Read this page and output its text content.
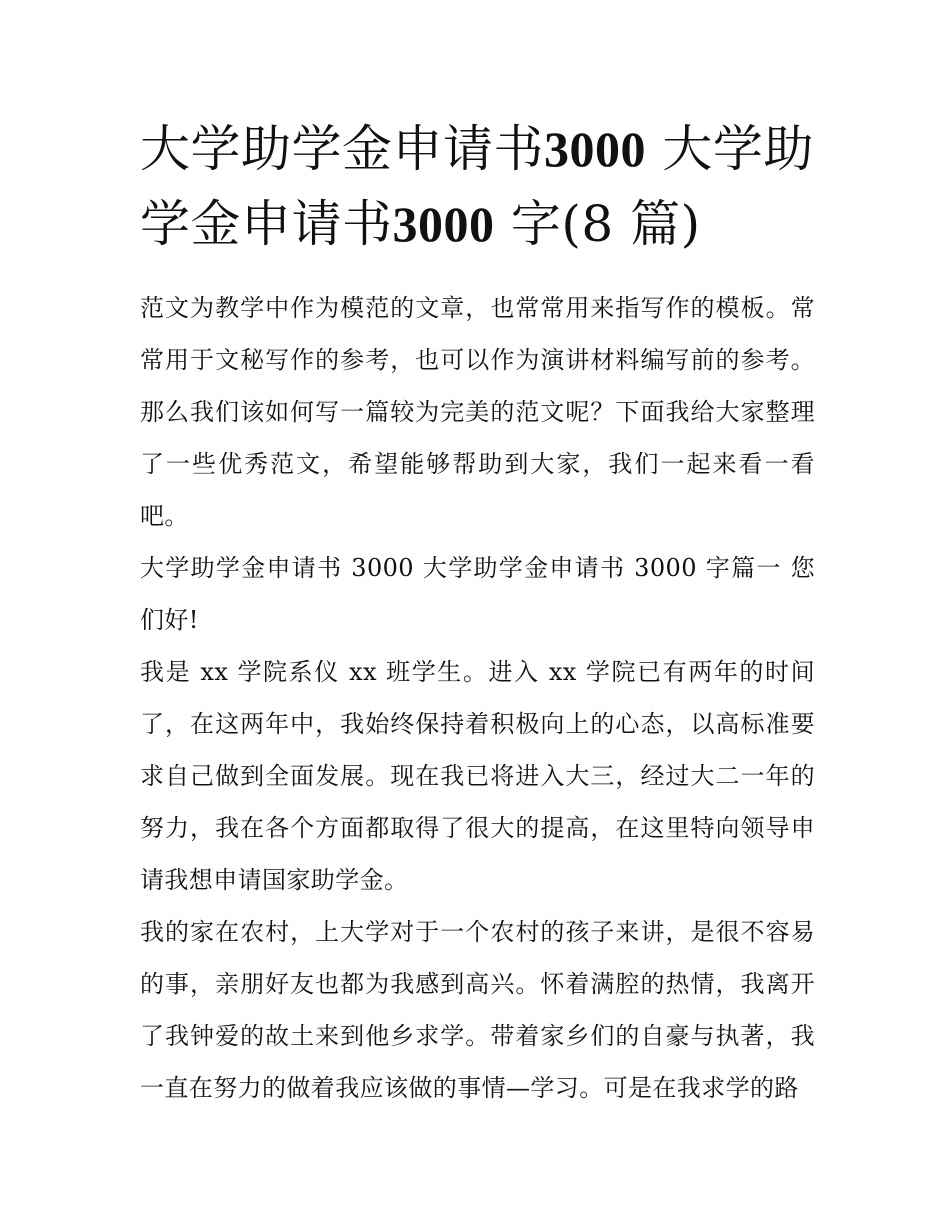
大学助学金申请书3000 大学助学金申请书3000 字(8 篇)

范文为教学中作为模范的文章，也常常用来指写作的模板。常常用于文秘写作的参考，也可以作为演讲材料编写前的参考。那么我们该如何写一篇较为完美的范文呢？下面我给大家整理了一些优秀范文，希望能够帮助到大家，我们一起来看一看吧。

大学助学金申请书 3000 大学助学金申请书 3000 字篇一 您们好!

我是 xx 学院系仪 xx 班学生。进入 xx 学院已有两年的时间了，在这两年中，我始终保持着积极向上的心态，以高标准要求自己做到全面发展。现在我已将进入大三，经过大二一年的努力，我在各个方面都取得了很大的提高，在这里特向领导申请我想申请国家助学金。

我的家在农村，上大学对于一个农村的孩子来讲，是很不容易的事，亲朋好友也都为我感到高兴。怀着满腔的热情，我离开了我钟爱的故土来到他乡求学。带着家乡们的自豪与执著，我一直在努力的做着我应该做的事情—学习。可是在我求学的路
